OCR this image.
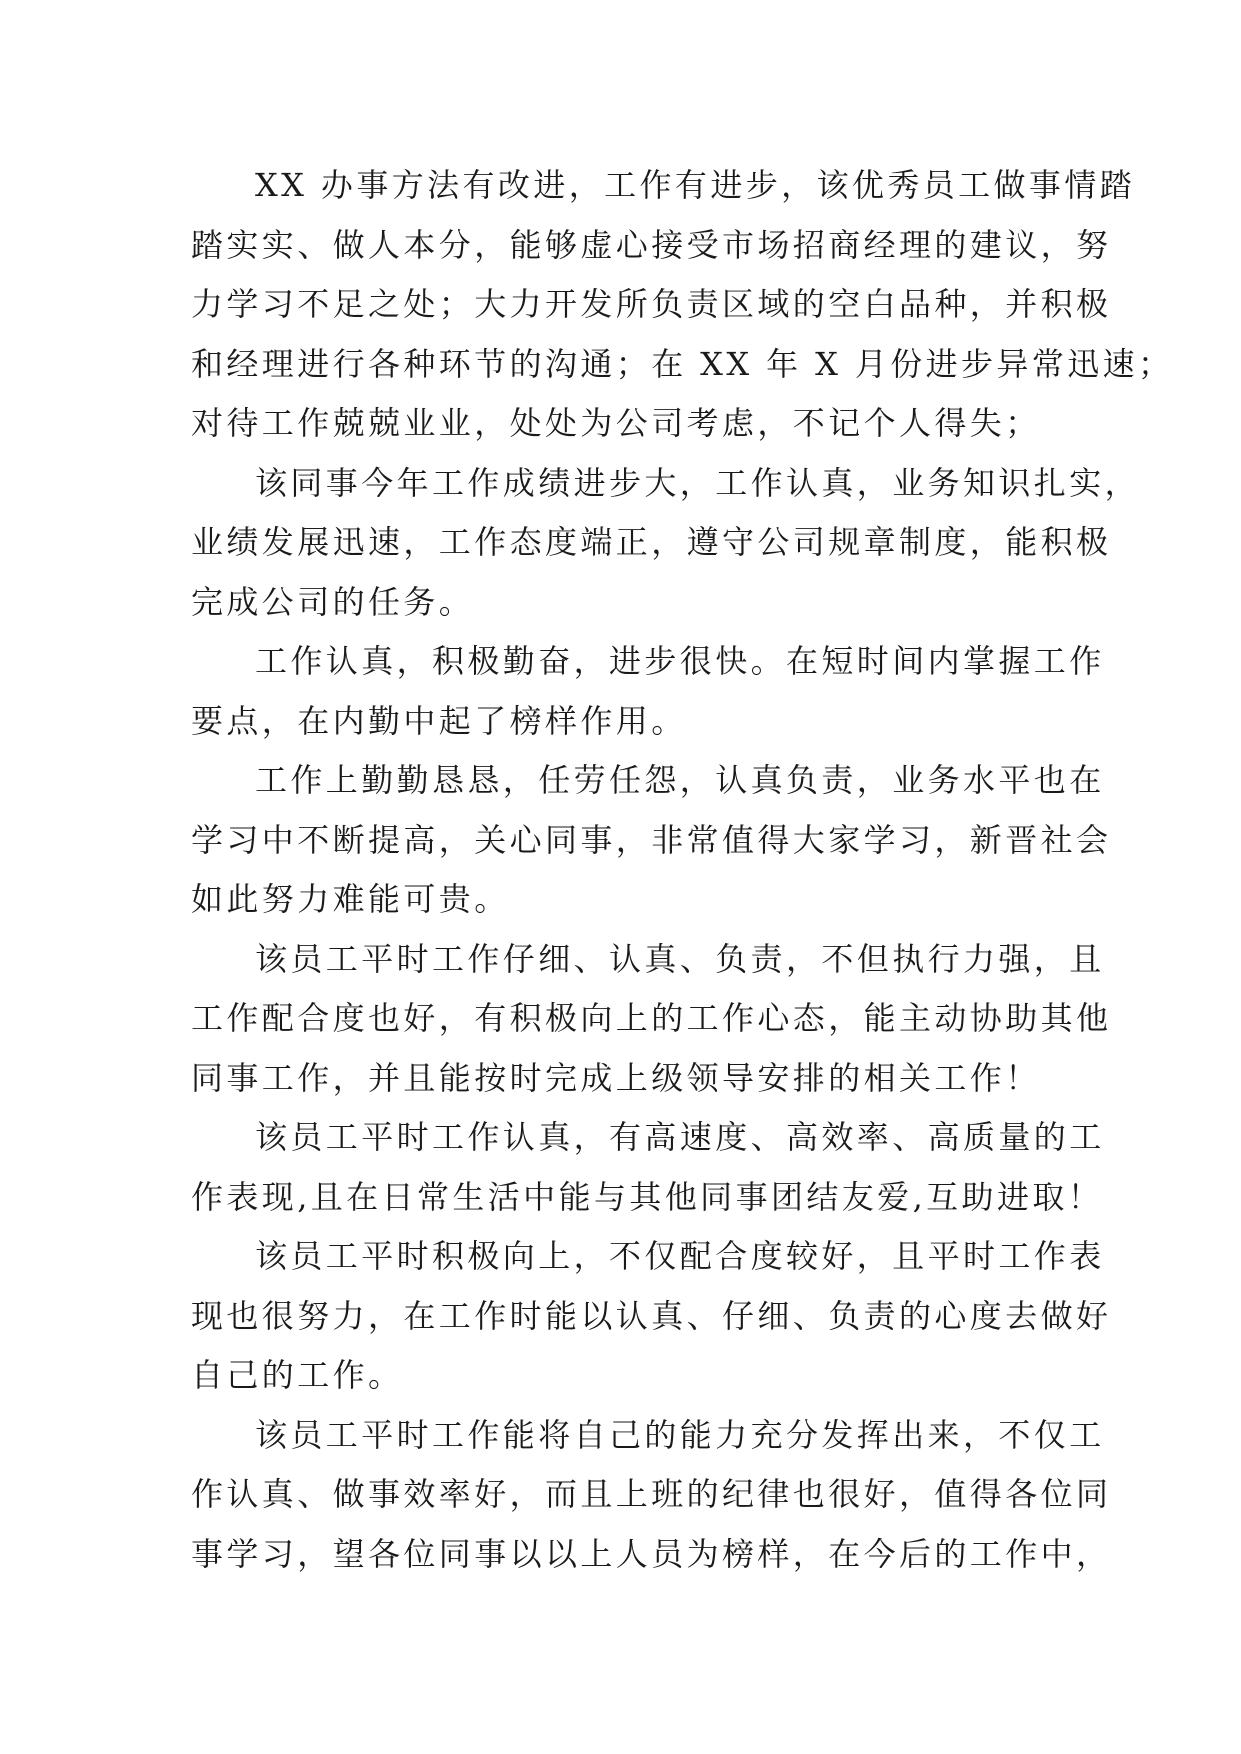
XX 办事方法有改进，工作有进步，该优秀员工做事情踏
踏实实、做人本分，能够虚心接受市场招商经理的建议，努
力学习不足之处；大力开发所负责区域的空白品种，并积极
和经理进行各种环节的沟通；在 XX 年 X 月份进步异常迅速；
对待工作兢兢业业，处处为公司考虑，不记个人得失；
该同事今年工作成绩进步大，工作认真，业务知识扎实，
业绩发展迅速，工作态度端正，遵守公司规章制度，能积极
完成公司的任务。
工作认真，积极勤奋，进步很快。在短时间内掌握工作
要点，在内勤中起了榜样作用。
工作上勤勤恳恳，任劳任怨，认真负责，业务水平也在
学习中不断提高，关心同事，非常值得大家学习，新晋社会
如此努力难能可贵。
该员工平时工作仔细、认真、负责，不但执行力强，且
工作配合度也好，有积极向上的工作心态，能主动协助其他
同事工作，并且能按时完成上级领导安排的相关工作！
该员工平时工作认真，有高速度、高效率、高质量的工
作表现,且在日常生活中能与其他同事团结友爱,互助进取！
该员工平时积极向上，不仅配合度较好，且平时工作表
现也很努力，在工作时能以认真、仔细、负责的心度去做好
自己的工作。
该员工平时工作能将自己的能力充分发挥出来，不仅工
作认真、做事效率好，而且上班的纪律也很好，值得各位同
事学习，望各位同事以以上人员为榜样，在今后的工作中，
